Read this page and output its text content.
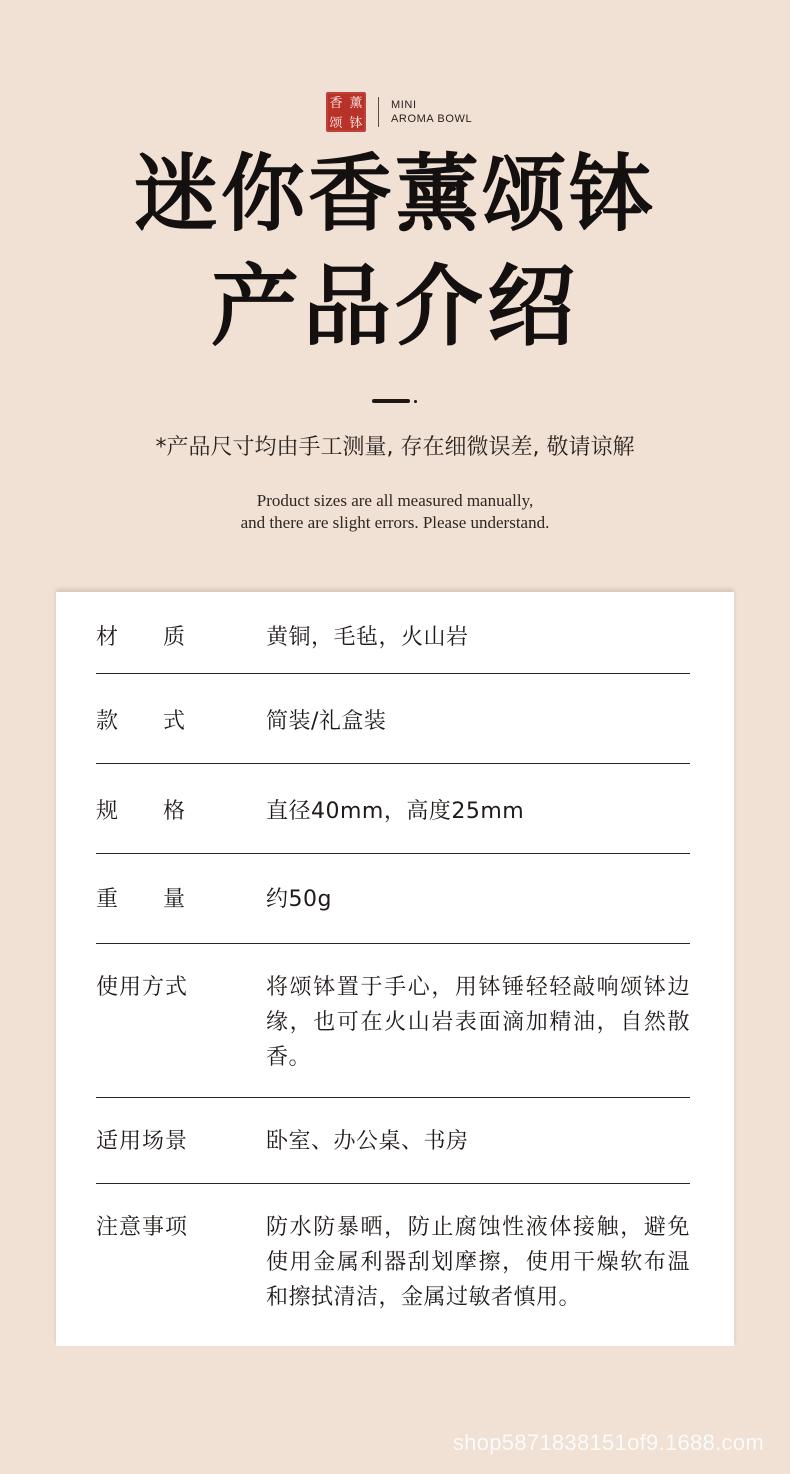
香 薰
颂 钵
MINI
AROMA BOWL
迷你香薰颂钵
产品介绍
*产品尺寸均由手工测量, 存在细微误差, 敬请谅解
Product sizes are all measured manually,
and there are slight errors. Please understand.
材 质	黄铜，毛毡，火山岩
款 式	简装/礼盒装
规 格	直径40mm，高度25mm
重 量	约50g
使用方式	将颂钵置于手心，用钵锤轻轻敲响颂钵边缘，也可在火山岩表面滴加精油，自然散香。
适用场景	卧室、办公桌、书房
注意事项	防水防暴晒，防止腐蚀性液体接触，避免使用金属利器刮划摩擦，使用干燥软布温和擦拭清洁，金属过敏者慎用。
shop5871838151of9.1688.com
